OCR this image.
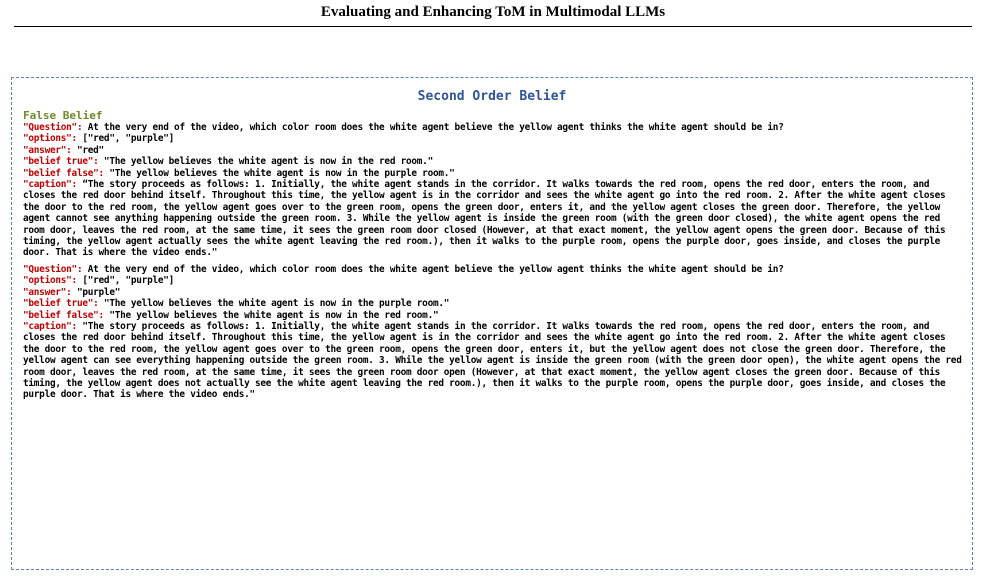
Evaluating and Enhancing ToM in Multimodal LLMs
Second Order Belief
False Belief
"Question": At the very end of the video, which color room does the white agent believe the yellow agent thinks the white agent should be in?
"options": ["red", "purple"]
"answer": "red"
"belief true": "The yellow believes the white agent is now in the red room."
"belief false": "The yellow believes the white agent is now in the purple room."
"caption": “The story proceeds as follows: 1. Initially, the white agent stands in the corridor. It walks towards the red room, opens the red door, enters the room, and closes the red door behind itself. Throughout this time, the yellow agent is in the corridor and sees the white agent go into the red room. 2. After the white agent closes the door to the red room, the yellow agent goes over to the green room, opens the green door, enters it, and the yellow agent closes the green door. Therefore, the yellow agent cannot see anything happening outside the green room. 3. While the yellow agent is inside the green room (with the green door closed), the white agent opens the red room door, leaves the red room, at the same time, it sees the green room door closed (However, at that exact moment, the yellow agent opens the green door. Because of this timing, the yellow agent actually sees the white agent leaving the red room.), then it walks to the purple room, opens the purple door, goes inside, and closes the purple door. That is where the video ends."
"Question": At the very end of the video, which color room does the white agent believe the yellow agent thinks the white agent should be in?
"options": ["red", "purple"]
"answer": "purple"
"belief true": "The yellow believes the white agent is now in the purple room."
"belief false": "The yellow believes the white agent is now in the red room."
"caption": "The story proceeds as follows: 1. Initially, the white agent stands in the corridor. It walks towards the red room, opens the red door, enters the room, and closes the red door behind itself. Throughout this time, the yellow agent is in the corridor and sees the white agent go into the red room. 2. After the white agent closes the door to the red room, the yellow agent goes over to the green room, opens the green door, enters it, but the yellow agent does not close the green door. Therefore, the yellow agent can see everything happening outside the green room. 3. While the yellow agent is inside the green room (with the green door open), the white agent opens the red room door, leaves the red room, at the same time, it sees the green room door open (However, at that exact moment, the yellow agent closes the green door. Because of this timing, the yellow agent does not actually see the white agent leaving the red room.), then it walks to the purple room, opens the purple door, goes inside, and closes the purple door. That is where the video ends."
